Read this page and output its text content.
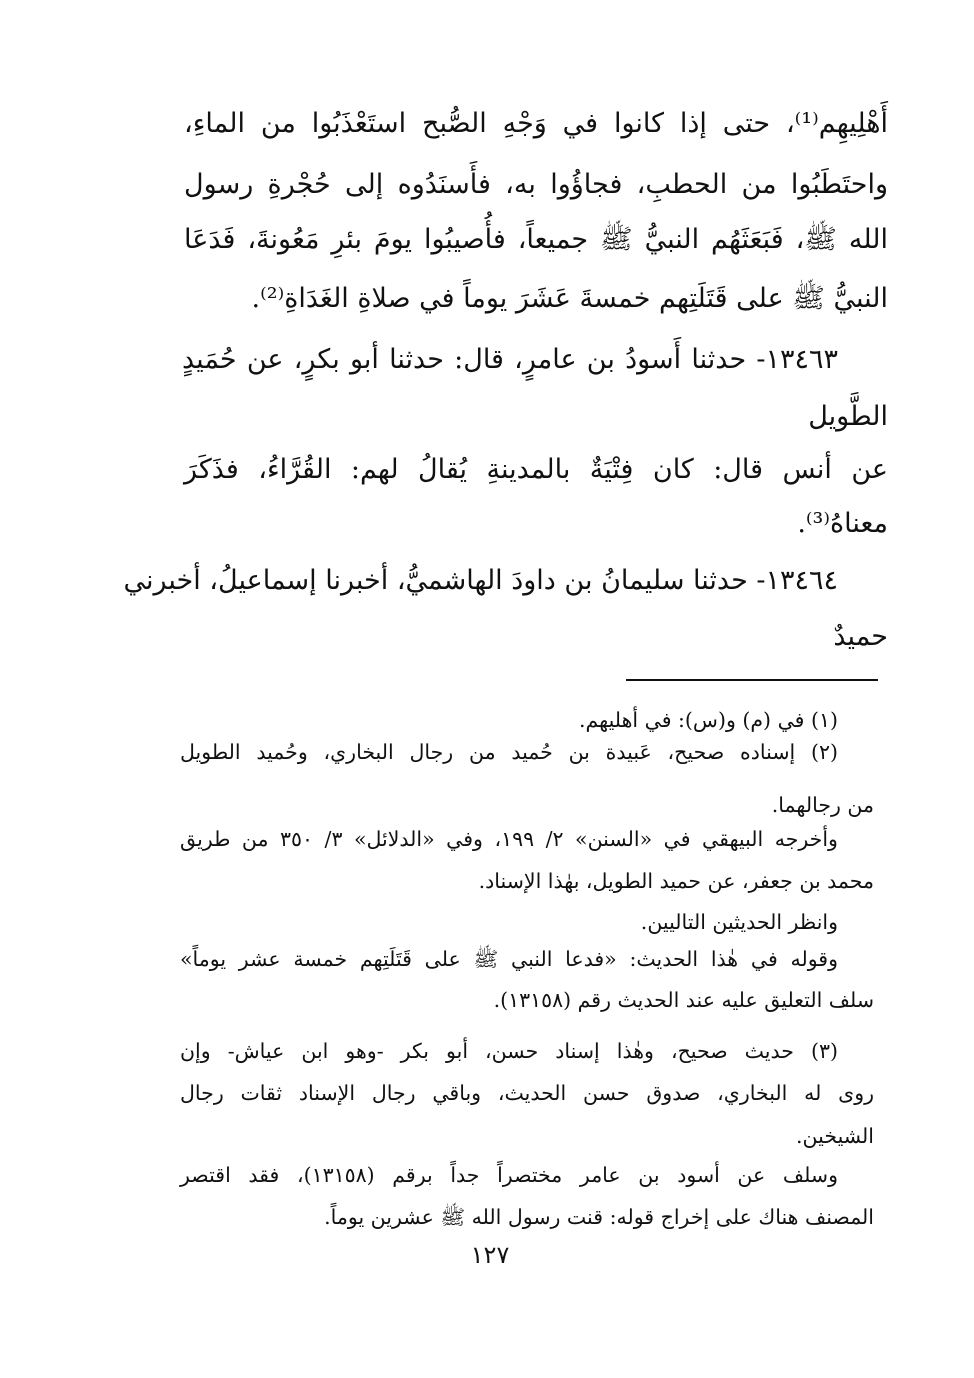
أَهْلِيهِم⁽¹⁾، حتى إذا كانوا في وَجْهِ الصُّبح استَعْذَبُوا من الماءِ،

واحتَطَبُوا من الحطبِ، فجاؤُوا به، فأَسنَدُوه إلى حُجْرةِ رسول

الله ﷺ، فَبَعَثَهُم النبيُّ ﷺ جميعاً، فأُصيبُوا يومَ بئرِ مَعُونةَ، فَدَعَا

النبيُّ ﷺ على قَتَلَتِهم خمسةَ عَشَرَ يوماً في صلاةِ الغَدَاةِ⁽²⁾.

١٣٤٦٣- حدثنا أَسودُ بن عامرٍ، قال: حدثنا أبو بكرٍ، عن حُمَيدٍ

الطَّويل

عن أنس قال: كان فِتْيَةٌ بالمدينةِ يُقالُ لهم: القُرَّاءُ، فذَكَرَ

معناهُ⁽³⁾.

١٣٤٦٤- حدثنا سليمانُ بن داودَ الهاشميُّ، أخبرنا إسماعيلُ، أخبرني

حميدٌ

(١) في (م) و(س): في أهليهم.

(٢) إسناده صحيح، عَبيدة بن حُميد من رجال البخاري، وحُميد الطويل

من رجالهما.

وأخرجه البيهقي في «السنن» ٢/ ١٩٩، وفي «الدلائل» ٣/ ٣٥٠ من طريق

محمد بن جعفر، عن حميد الطويل، بهٰذا الإسناد.

وانظر الحديثين التاليين.

وقوله في هٰذا الحديث: «فدعا النبي ﷺ على قَتَلَتِهم خمسة عشر يوماً»

سلف التعليق عليه عند الحديث رقم (١٣١٥٨).

(٣) حديث صحيح، وهٰذا إسناد حسن، أبو بكر -وهو ابن عياش- وإن

روى له البخاري، صدوق حسن الحديث، وباقي رجال الإسناد ثقات رجال

الشيخين.

وسلف عن أسود بن عامر مختصراً جداً برقم (١٣١٥٨)، فقد اقتصر

المصنف هناك على إخراج قوله: قنت رسول الله ﷺ عشرين يوماً.

١٢٧
